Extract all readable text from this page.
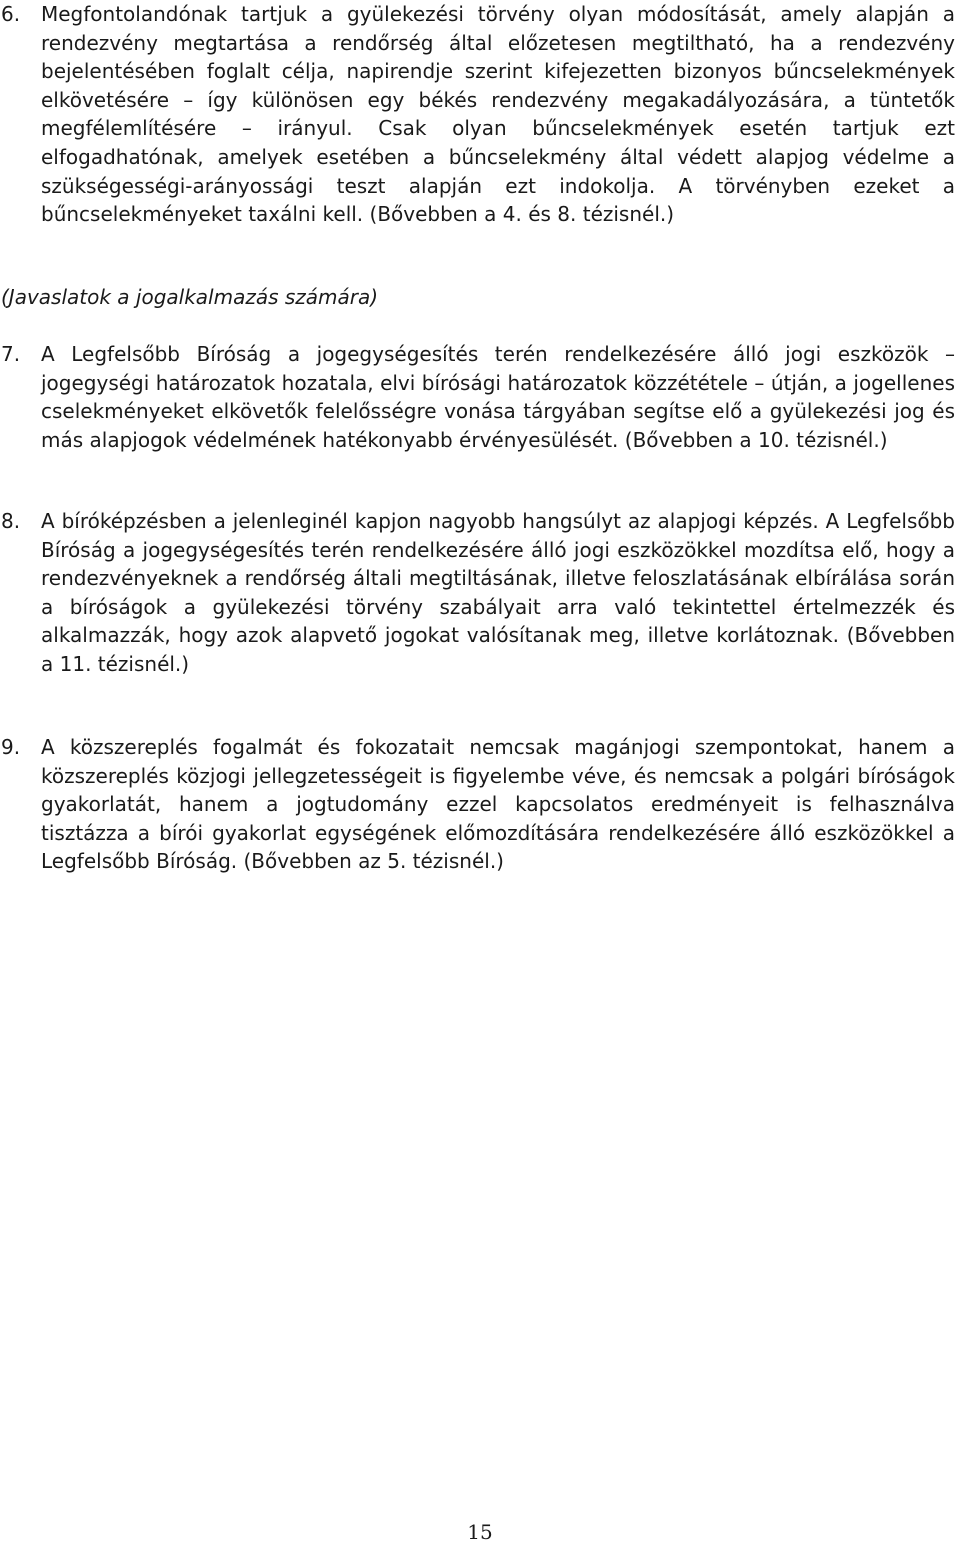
6. Megfontolandónak tartjuk a gyülekezési törvény olyan módosítását, amely alapján a rendezvény megtartása a rendőrség által előzetesen megtiltható, ha a rendezvény bejelentésében foglalt célja, napirendje szerint kifejezetten bizonyos bűncselekmények elkövetésére – így különösen egy békés rendezvény megakadályozására, a tüntetők megfélemlítésére – irányul. Csak olyan bűncselekmények esetén tartjuk ezt elfogadhatónak, amelyek esetében a bűncselekmény által védett alapjog védelme a szükségességi-arányossági teszt alapján ezt indokolja. A törvényben ezeket a bűncselekményeket taxálni kell. (Bővebben a 4. és 8. tézisnél.)
(Javaslatok a jogalkalmazás számára)
7. A Legfelsőbb Bíróság a jogegységesítés terén rendelkezésére álló jogi eszközök – jogegységi határozatok hozatala, elvi bírósági határozatok közzététele – útján, a jogellenes cselekményeket elkövetők felelősségre vonása tárgyában segítse elő a gyülekezési jog és más alapjogok védelmének hatékonyabb érvényesülését. (Bővebben a 10. tézisnél.)
8. A bíróképzésben a jelenleginél kapjon nagyobb hangsúlyt az alapjogi képzés. A Legfelsőbb Bíróság a jogegységesítés terén rendelkezésére álló jogi eszközökkel mozdítsa elő, hogy a rendezvényeknek a rendőrség általi megtiltásának, illetve feloszlatásának elbírálása során a bíróságok a gyülekezési törvény szabályait arra való tekintettel értelmezzék és alkalmazzák, hogy azok alapvető jogokat valósítanak meg, illetve korlátoznak. (Bővebben a 11. tézisnél.)
9. A közszereplés fogalmát és fokozatait nemcsak magánjogi szempontokat, hanem a közszereplés közjogi jellegzetességeit is figyelembe véve, és nemcsak a polgári bíróságok gyakorlatát, hanem a jogtudomány ezzel kapcsolatos eredményeit is felhasználva tisztázza a bírói gyakorlat egységének előmozdítására rendelkezésére álló eszközökkel a Legfelsőbb Bíróság. (Bővebben az 5. tézisnél.)
15
